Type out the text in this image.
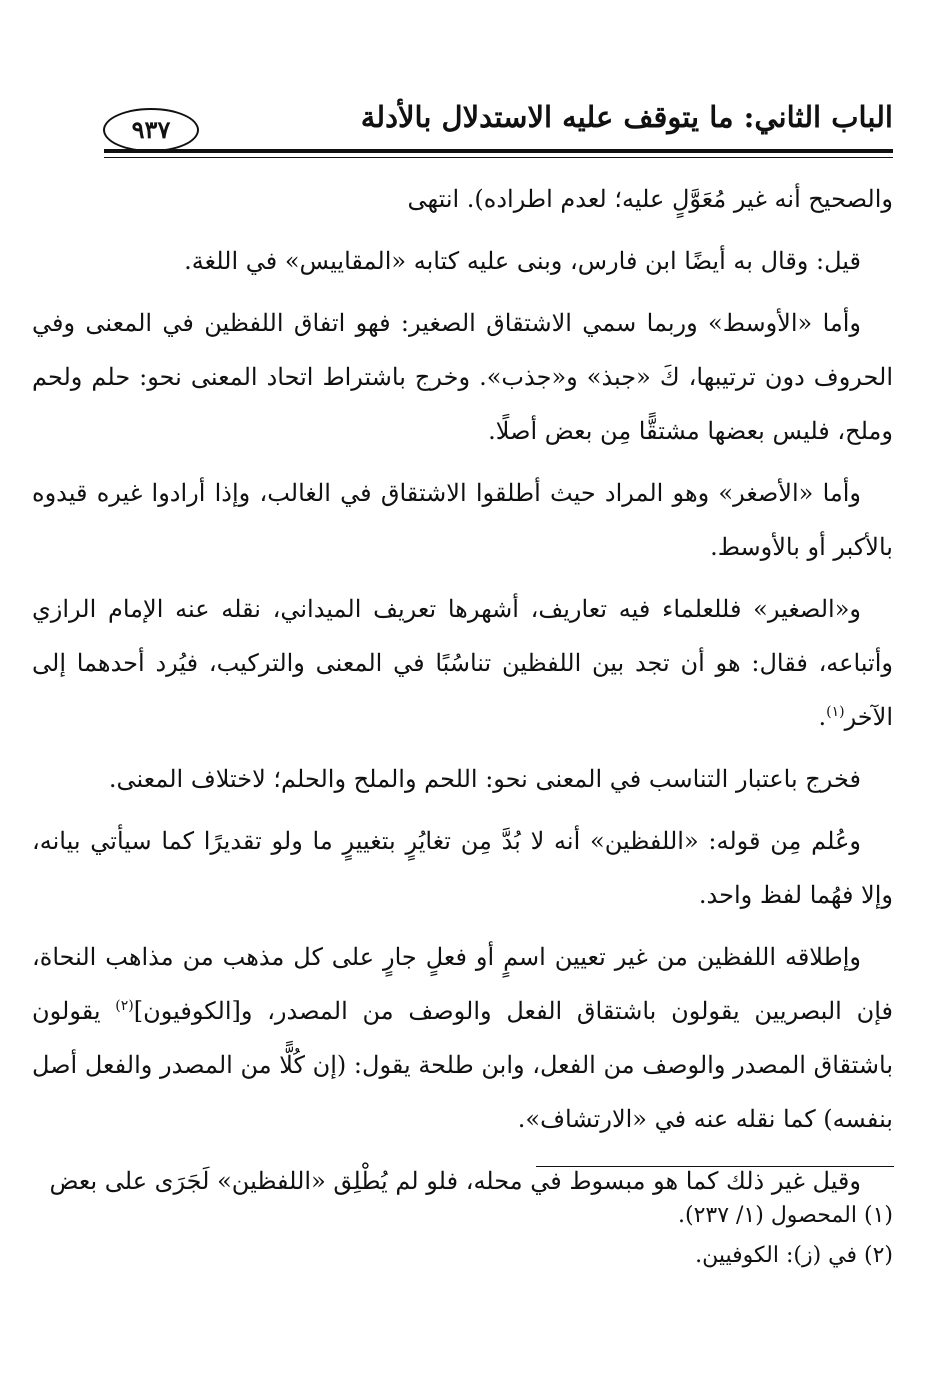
الباب الثاني: ما يتوقف عليه الاستدلال بالأدلة
٩٣٧

والصحيح أنه غير مُعَوَّلٍ عليه؛ لعدم اطراده). انتهى

قيل: وقال به أيضًا ابن فارس، وبنى عليه كتابه «المقاييس» في اللغة.

وأما «الأوسط» وربما سمي الاشتقاق الصغير: فهو اتفاق اللفظين في المعنى وفي الحروف دون ترتيبها، كَ «جبذ» و«جذب». وخرج باشتراط اتحاد المعنى نحو: حلم ولحم وملح، فليس بعضها مشتقًّا مِن بعض أصلًا.

وأما «الأصغر» وهو المراد حيث أطلقوا الاشتقاق في الغالب، وإذا أرادوا غيره قيدوه بالأكبر أو بالأوسط.

و«الصغير» فللعلماء فيه تعاريف، أشهرها تعريف الميداني، نقله عنه الإمام الرازي وأتباعه، فقال: هو أن تجد بين اللفظين تناسُبًا في المعنى والتركيب، فيُرد أحدهما إلى الآخر$^{(١)}$.

فخرج باعتبار التناسب في المعنى نحو: اللحم والملح والحلم؛ لاختلاف المعنى.

وعُلم مِن قوله: «اللفظين» أنه لا بُدَّ مِن تغايُرٍ بتغييرٍ ما ولو تقديرًا كما سيأتي بيانه، وإلا فهُما لفظ واحد.

وإطلاقه اللفظين من غير تعيين اسمٍ أو فعلٍ جارٍ على كل مذهب من مذاهب النحاة، فإن البصريين يقولون باشتقاق الفعل والوصف من المصدر، و[الكوفيون]$^{(٢)}$ يقولون باشتقاق المصدر والوصف من الفعل، وابن طلحة يقول: (إن كُلًّا من المصدر والفعل أصل بنفسه) كما نقله عنه في «الارتشاف».

وقيل غير ذلك كما هو مبسوط في محله، فلو لم يُطْلِق «اللفظين» لَجَرَى على بعض

(١) المحصول (١/ ٢٣٧).

(٢) في (ز): الكوفيين.
